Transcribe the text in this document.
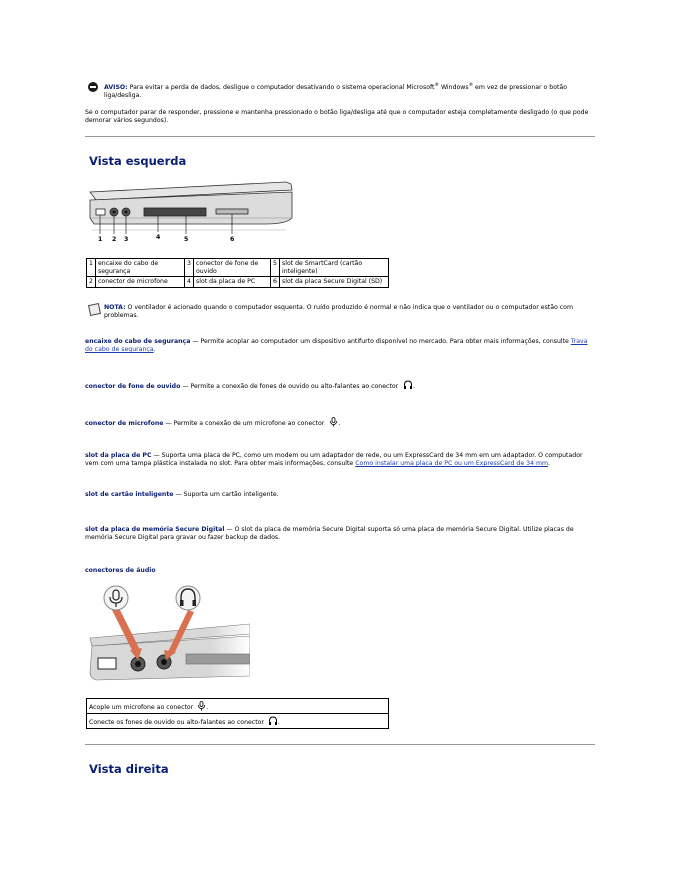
AVISO: Para evitar a perda de dados, desligue o computador desativando o sistema operacional Microsoft® Windows® em vez de pressionar o botão liga/desliga.
Se o computador parar de responder, pressione e mantenha pressionado o botão liga/desliga até que o computador esteja completamente desligado (o que pode demorar vários segundos).
Vista esquerda
1 2 3	4	5	6
1	encaixe do cabo de segurança	3	conector de fone de ouvido	5	slot de SmartCard (cartão inteligente)
2	conector de microfone	4	slot da placa de PC	6	slot da placa Secure Digital (SD)
NOTA: O ventilador é acionado quando o computador esquenta. O ruído produzido é normal e não indica que o ventilador ou o computador estão com problemas.
encaixe do cabo de segurança — Permite acoplar ao computador um dispositivo antifurto disponível no mercado. Para obter mais informações, consulte Trava do cabo de segurança.
conector de fone de ouvido — Permite a conexão de fones de ouvido ou alto-falantes ao conector .
conector de microfone — Permite a conexão de um microfone ao conector .
slot da placa de PC — Suporta uma placa de PC, como um modem ou um adaptador de rede, ou um ExpressCard de 34 mm em um adaptador. O computador vem com uma tampa plástica instalada no slot. Para obter mais informações, consulte Como instalar uma placa de PC ou um ExpressCard de 34 mm.
slot de cartão inteligente — Suporta um cartão inteligente.
slot da placa de memória Secure Digital — O slot da placa de memória Secure Digital suporta só uma placa de memória Secure Digital. Utilize placas de memória Secure Digital para gravar ou fazer backup de dados.
conectores de áudio
Acople um microfone ao conector .
Conecte os fones de ouvido ou alto-falantes ao conector .
Vista direita
